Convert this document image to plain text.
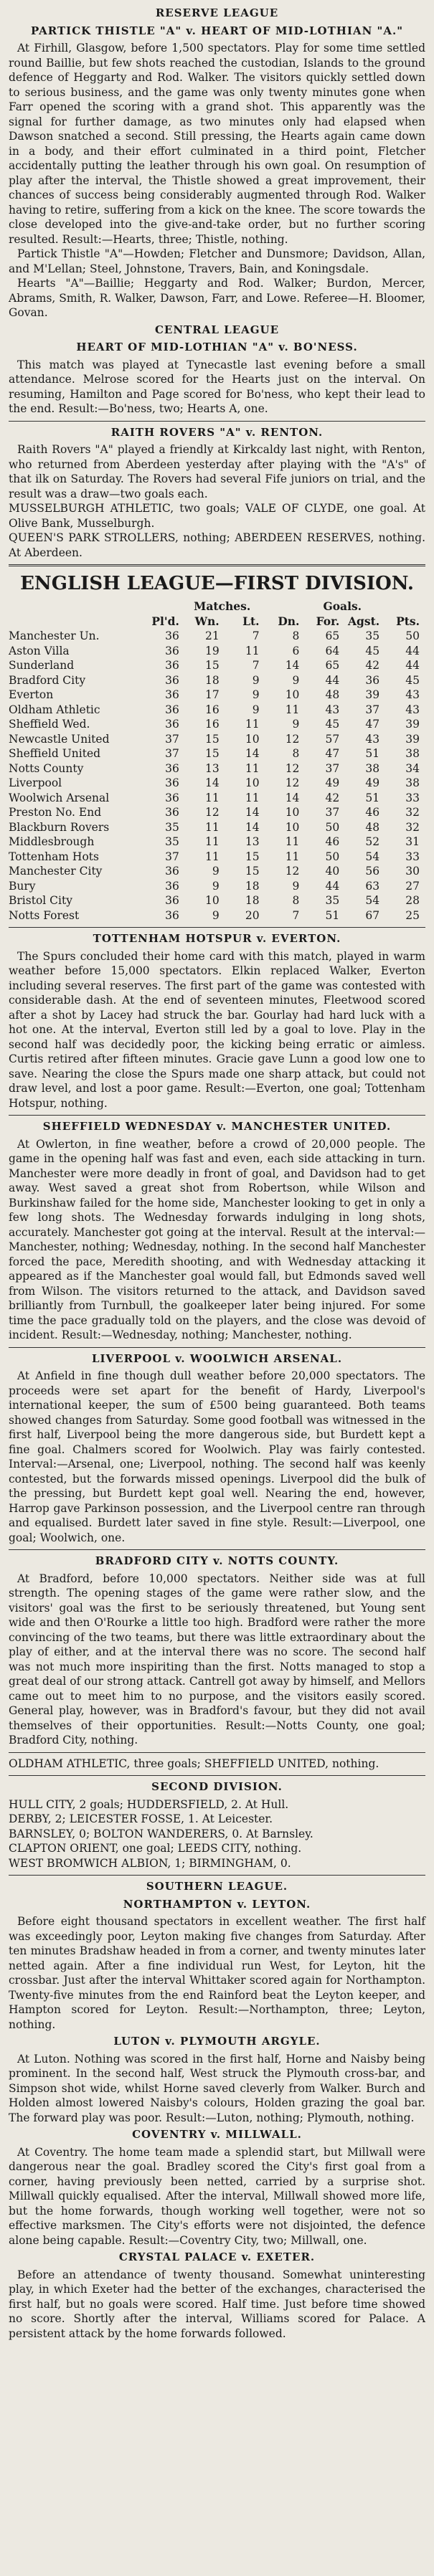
RESERVE LEAGUE
PARTICK THISTLE "A" v. HEART OF MID-LOTHIAN "A."

At Firhill, Glasgow, before 1,500 spectators. Play for some time settled round Baillie, but few shots reached the custodian, Islands to the ground defence of Heggarty and Rod. Walker. The visitors quickly settled down to serious business, and the game was only twenty minutes gone when Farr opened the scoring with a grand shot. This apparently was the signal for further damage, as two minutes only had elapsed when Dawson snatched a second. Still pressing, the Hearts again came down in a body, and their effort culminated in a third point, Fletcher accidentally putting the leather through his own goal. On resumption of play after the interval, the Thistle showed a great improvement, their chances of success being considerably augmented through Rod. Walker having to retire, suffering from a kick on the knee. The score towards the close developed into the give-and-take order, but no further scoring resulted. Result:—Hearts, three; Thistle, nothing.

Partick Thistle "A"—Howden; Fletcher and Dunsmore; Davidson, Allan, and M'Lellan; Steel, Johnstone, Travers, Bain, and Koningsdale.

Hearts "A"—Baillie; Heggarty and Rod. Walker; Burdon, Mercer, Abrams, Smith, R. Walker, Dawson, Farr, and Lowe. Referee—H. Bloomer, Govan.

CENTRAL LEAGUE
HEART OF MID-LOTHIAN "A" v. BO'NESS.

This match was played at Tynecastle last evening before a small attendance. Melrose scored for the Hearts just on the interval. On resuming, Hamilton and Page scored for Bo'ness, who kept their lead to the end. Result:—Bo'ness, two; Hearts A, one.

RAITH ROVERS "A" v. RENTON.

Raith Rovers "A" played a friendly at Kirkcaldy last night, with Renton, who returned from Aberdeen yesterday after playing with the "A's" of that ilk on Saturday. The Rovers had several Fife juniors on trial, and the result was a draw—two goals each.

MUSSELBURGH ATHLETIC, two goals; VALE OF CLYDE, one goal. At Olive Bank, Musselburgh.

QUEEN'S PARK STROLLERS, nothing; ABERDEEN RESERVES, nothing. At Aberdeen.

ENGLISH LEAGUE—FIRST DIVISION.
Matches.	Goals.
Pl'd.	Wn.	Lt.	Dn.	For. Agst.	Pts.
Manchester Un.	36	21	7	8	65	35	50
Aston Villa	36	19	11	6	64	45	44
Sunderland	36	15	7	14	65	42	44
Bradford City	36	18	9	9	44	36	45
Everton	36	17	9	10	48	39	43
Oldham Athletic	36	16	9	11	43	37	43
Sheffield Wed.	36	16	11	9	45	47	39
Newcastle United	37	15	10	12	57	43	39
Sheffield United	37	15	14	8	47	51	38
Notts County	36	13	11	12	37	38	34
Liverpool	36	14	10	12	49	49	38
Woolwich Arsenal	36	11	11	14	42	51	33
Preston No. End	36	12	14	10	37	46	32
Blackburn Rovers	35	11	14	10	50	48	32
Middlesbrough	35	11	13	11	46	52	31
Tottenham Hots	37	11	15	11	50	54	33
Manchester City	36	9	15	12	40	56	30
Bury	36	9	18	9	44	63	27
Bristol City	36	10	18	8	35	54	28
Notts Forest	36	9	20	7	51	67	25
TOTTENHAM HOTSPUR v. EVERTON.

The Spurs concluded their home card with this match, played in warm weather before 15,000 spectators. Elkin replaced Walker, Everton including several reserves. The first part of the game was contested with considerable dash. At the end of seventeen minutes, Fleetwood scored after a shot by Lacey had struck the bar. Gourlay had hard luck with a hot one. At the interval, Everton still led by a goal to love. Play in the second half was decidedly poor, the kicking being erratic or aimless. Curtis retired after fifteen minutes. Gracie gave Lunn a good low one to save. Nearing the close the Spurs made one sharp attack, but could not draw level, and lost a poor game. Result:—Everton, one goal; Tottenham Hotspur, nothing.

SHEFFIELD WEDNESDAY v. MANCHESTER UNITED.

At Owlerton, in fine weather, before a crowd of 20,000 people. The game in the opening half was fast and even, each side attacking in turn. Manchester were more deadly in front of goal, and Davidson had to get away. West saved a great shot from Robertson, while Wilson and Burkinshaw failed for the home side, Manchester looking to get in only a few long shots. The Wednesday forwards indulging in long shots, accurately. Manchester got going at the interval. Result at the interval:—Manchester, nothing; Wednesday, nothing. In the second half Manchester forced the pace, Meredith shooting, and with Wednesday attacking it appeared as if the Manchester goal would fall, but Edmonds saved well from Wilson. The visitors returned to the attack, and Davidson saved brilliantly from Turnbull, the goalkeeper later being injured. For some time the pace gradually told on the players, and the close was devoid of incident. Result:—Wednesday, nothing; Manchester, nothing.

LIVERPOOL v. WOOLWICH ARSENAL.

At Anfield in fine though dull weather before 20,000 spectators. The proceeds were set apart for the benefit of Hardy, Liverpool's international keeper, the sum of £500 being guaranteed. Both teams showed changes from Saturday. Some good football was witnessed in the first half, Liverpool being the more dangerous side, but Burdett kept a fine goal. Chalmers scored for Woolwich. Play was fairly contested. Interval:—Arsenal, one; Liverpool, nothing. The second half was keenly contested, but the forwards missed openings. Liverpool did the bulk of the pressing, but Burdett kept goal well. Nearing the end, however, Harrop gave Parkinson possession, and the Liverpool centre ran through and equalised. Burdett later saved in fine style. Result:—Liverpool, one goal; Woolwich, one.

BRADFORD CITY v. NOTTS COUNTY.

At Bradford, before 10,000 spectators. Neither side was at full strength. The opening stages of the game were rather slow, and the visitors' goal was the first to be seriously threatened, but Young sent wide and then O'Rourke a little too high. Bradford were rather the more convincing of the two teams, but there was little extraordinary about the play of either, and at the interval there was no score. The second half was not much more inspiriting than the first. Notts managed to stop a great deal of our strong attack. Cantrell got away by himself, and Mellors came out to meet him to no purpose, and the visitors easily scored. General play, however, was in Bradford's favour, but they did not avail themselves of their opportunities. Result:—Notts County, one goal; Bradford City, nothing.

OLDHAM ATHLETIC, three goals; SHEFFIELD UNITED, nothing.

SECOND DIVISION.

HULL CITY, 2 goals; HUDDERSFIELD, 2. At Hull.

DERBY, 2; LEICESTER FOSSE, 1. At Leicester.

BARNSLEY, 0; BOLTON WANDERERS, 0. At Barnsley.

CLAPTON ORIENT, one goal; LEEDS CITY, nothing.

WEST BROMWICH ALBION, 1; BIRMINGHAM, 0.

SOUTHERN LEAGUE.
NORTHAMPTON v. LEYTON.

Before eight thousand spectators in excellent weather. The first half was exceedingly poor, Leyton making five changes from Saturday. After ten minutes Bradshaw headed in from a corner, and twenty minutes later netted again. After a fine individual run West, for Leyton, hit the crossbar. Just after the interval Whittaker scored again for Northampton. Twenty-five minutes from the end Rainford beat the Leyton keeper, and Hampton scored for Leyton. Result:—Northampton, three; Leyton, nothing.

LUTON v. PLYMOUTH ARGYLE.

At Luton. Nothing was scored in the first half, Horne and Naisby being prominent. In the second half, West struck the Plymouth cross-bar, and Simpson shot wide, whilst Horne saved cleverly from Walker. Burch and Holden almost lowered Naisby's colours, Holden grazing the goal bar. The forward play was poor. Result:—Luton, nothing; Plymouth, nothing.

COVENTRY v. MILLWALL.

At Coventry. The home team made a splendid start, but Millwall were dangerous near the goal. Bradley scored the City's first goal from a corner, having previously been netted, carried by a surprise shot. Millwall quickly equalised. After the interval, Millwall showed more life, but the home forwards, though working well together, were not so effective marksmen. The City's efforts were not disjointed, the defence alone being capable. Result:—Coventry City, two; Millwall, one.

CRYSTAL PALACE v. EXETER.

Before an attendance of twenty thousand. Somewhat uninteresting play, in which Exeter had the better of the exchanges, characterised the first half, but no goals were scored. Half time. Just before time showed no score. Shortly after the interval, Williams scored for Palace. A persistent attack by the home forwards followed.
